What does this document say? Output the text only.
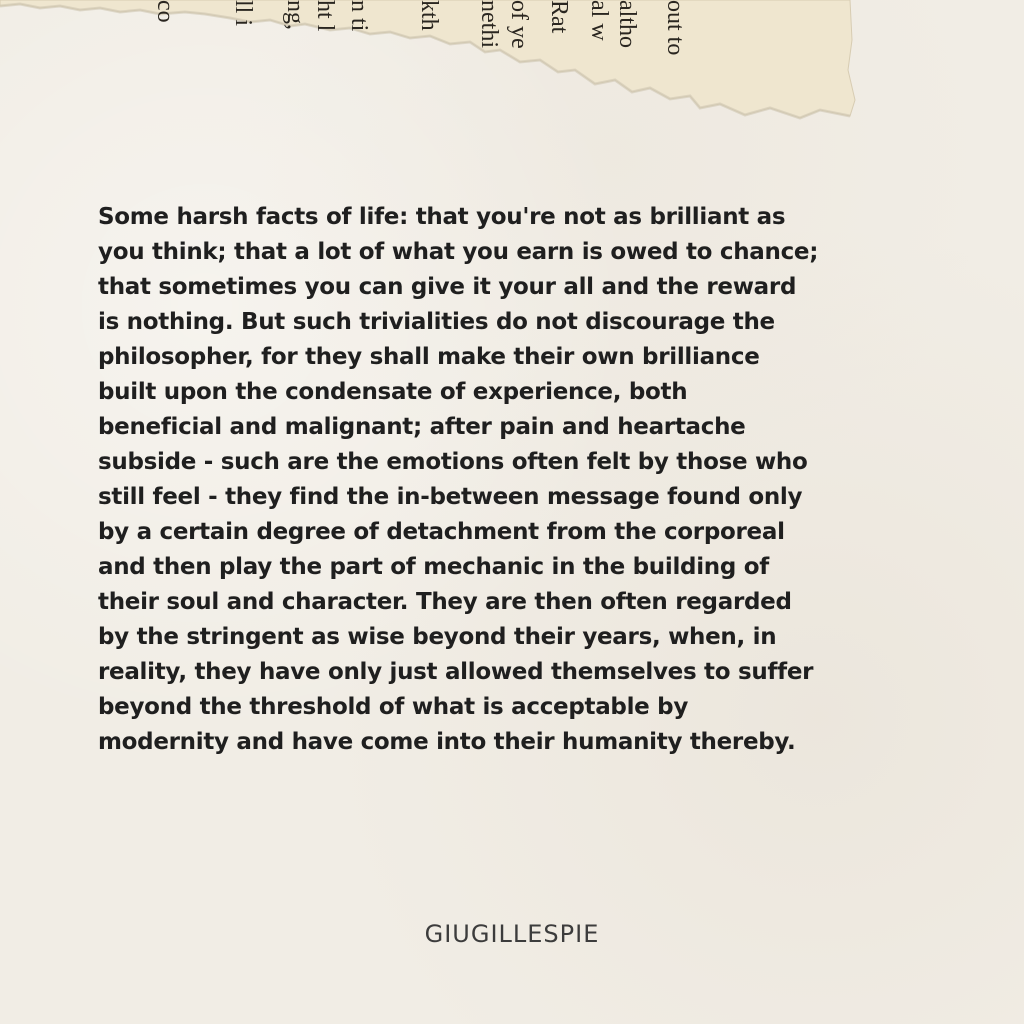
co ll i ng, ht l n ti kth nethi of ye Rat al w altho out to

Some harsh facts of life: that you're not as brilliant as
you think; that a lot of what you earn is owed to chance;
that sometimes you can give it your all and the reward
is nothing. But such trivialities do not discourage the
philosopher, for they shall make their own brilliance
built upon the condensate of experience, both
beneficial and malignant; after pain and heartache
subside - such are the emotions often felt by those who
still feel - they find the in-between message found only
by a certain degree of detachment from the corporeal
and then play the part of mechanic in the building of
their soul and character. They are then often regarded
by the stringent as wise beyond their years, when, in
reality, they have only just allowed themselves to suffer
beyond the threshold of what is acceptable by
modernity and have come into their humanity thereby.

GIUGILLESPIE
